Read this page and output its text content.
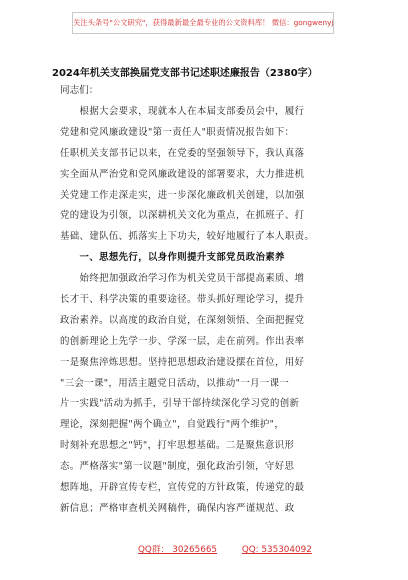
关注头条号"公文研究"，获得最新最全最专业的公文资料库！ 微信：gongwenyj
2024年机关支部换届党支部书记述职述廉报告（2380字）
同志们：
　　根据大会要求，现就本人在本届支部委员会中，履行
党建和党风廉政建设"第一责任人"职责情况报告如下：
任职机关支部书记以来，在党委的坚强领导下，我认真落
实全面从严治党和党风廉政建设的部署要求，大力推进机
关党建工作走深走实，进一步深化廉政机关创建，以加强
党的建设为引领，以深耕机关文化为重点，在抓班子、打
基础、建队伍、抓落实上下功夫，较好地履行了本人职责。
　　一、思想先行，以身作则提升支部党员政治素养
　　始终把加强政治学习作为机关党员干部提高素质、增
长才干、科学决策的重要途径。带头抓好理论学习，提升
政治素养。以高度的政治自觉，在深刻领悟、全面把握党
的创新理论上先学一步、学深一层，走在前列。作出表率
一是聚焦淬炼思想。坚持把思想政治建设摆在首位，用好
"三会一课"，用活主题党日活动，以推动"一月一课一
片一实践"活动为抓手，引导干部持续深化学习党的创新
理论，深刻把握"两个确立"，自觉践行"两个维护"，
时刻补充思想之"钙"，打牢思想基础。二是聚焦意识形
态。严格落实"第一议题"制度，强化政治引领，守好思
想阵地，开辟宣传专栏，宣传党的方针政策，传递党的最
新信息；严格审查机关网稿件，确保内容严谨规范、政
QQ群： 30265665	QQ: 535304092
